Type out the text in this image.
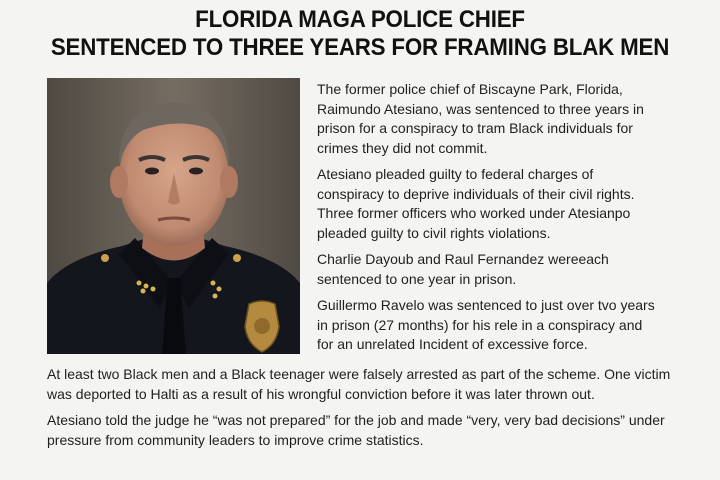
FLORIDA MAGA POLICE CHIEF
SENTENCED TO THREE YEARS FOR FRAMING BLAK MEN

The former police chief of Biscayne Park, Florida, Raimundo Atesiano, was sentenced to three years in prison for a conspiracy to tram Black individuals for crimes they did not commit.

Atesiano pleaded guilty to federal charges of conspiracy to deprive individuals of their civil rights. Three former officers who worked under Atesianpo pleaded guilty to civil rights violations.

Charlie Dayoub and Raul Fernandez wereeach sentenced to one year in prison.

Guillermo Ravelo was sentenced to just over tvo years in prison (27 months) for his rele in a conspiracy and for an unrelated Incident of excessive force.

At least two Black men and a Black teenager were falsely arrested as part of the scheme. One victim was deported to Halti as a result of his wrongful conviction before it was later thrown out.

Atesiano told the judge he “was not prepared” for the job and made “very, very bad decisions” under pressure from community leaders to improve crime statistics.
